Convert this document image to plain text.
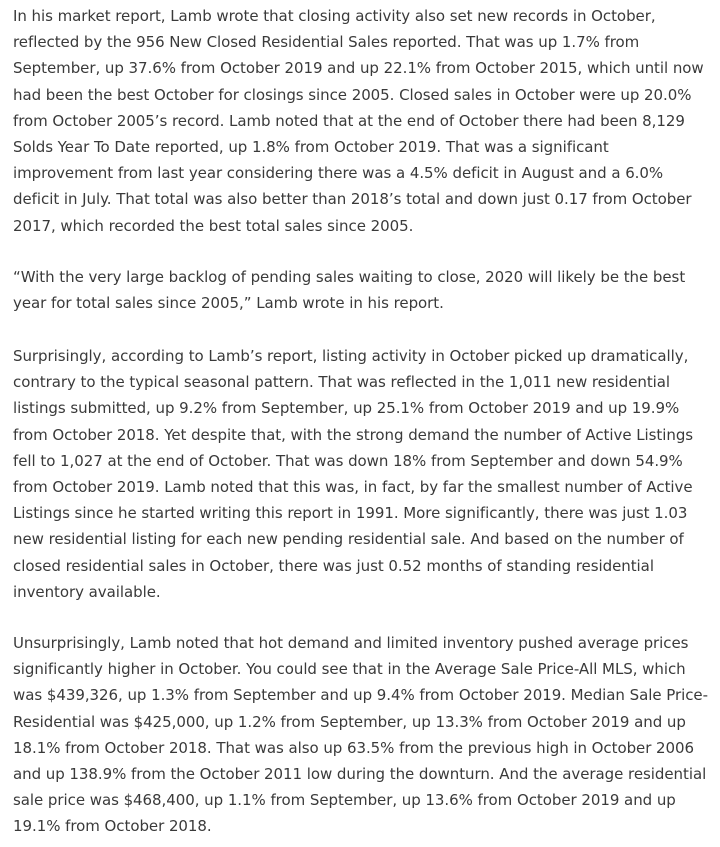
In his market report, Lamb wrote that closing activity also set new records in October, reflected by the 956 New Closed Residential Sales reported. That was up 1.7% from September, up 37.6% from October 2019 and up 22.1% from October 2015, which until now had been the best October for closings since 2005. Closed sales in October were up 20.0% from October 2005’s record. Lamb noted that at the end of October there had been 8,129 Solds Year To Date reported, up 1.8% from October 2019. That was a significant improvement from last year considering there was a 4.5% deficit in August and a 6.0% deficit in July. That total was also better than 2018’s total and down just 0.17 from October 2017, which recorded the best total sales since 2005.

“With the very large backlog of pending sales waiting to close, 2020 will likely be the best year for total sales since 2005,” Lamb wrote in his report.

Surprisingly, according to Lamb’s report, listing activity in October picked up dramatically, contrary to the typical seasonal pattern. That was reflected in the 1,011 new residential listings submitted, up 9.2% from September, up 25.1% from October 2019 and up 19.9% from October 2018. Yet despite that, with the strong demand the number of Active Listings fell to 1,027 at the end of October. That was down 18% from September and down 54.9% from October 2019. Lamb noted that this was, in fact, by far the smallest number of Active Listings since he started writing this report in 1991. More significantly, there was just 1.03 new residential listing for each new pending residential sale. And based on the number of closed residential sales in October, there was just 0.52 months of standing residential inventory available.

Unsurprisingly, Lamb noted that hot demand and limited inventory pushed average prices significantly higher in October. You could see that in the Average Sale Price-All MLS, which was $439,326, up 1.3% from September and up 9.4% from October 2019. Median Sale Price-Residential was $425,000, up 1.2% from September, up 13.3% from October 2019 and up 18.1% from October 2018. That was also up 63.5% from the previous high in October 2006 and up 138.9% from the October 2011 low during the downturn. And the average residential sale price was $468,400, up 1.1% from September, up 13.6% from October 2019 and up 19.1% from October 2018.
